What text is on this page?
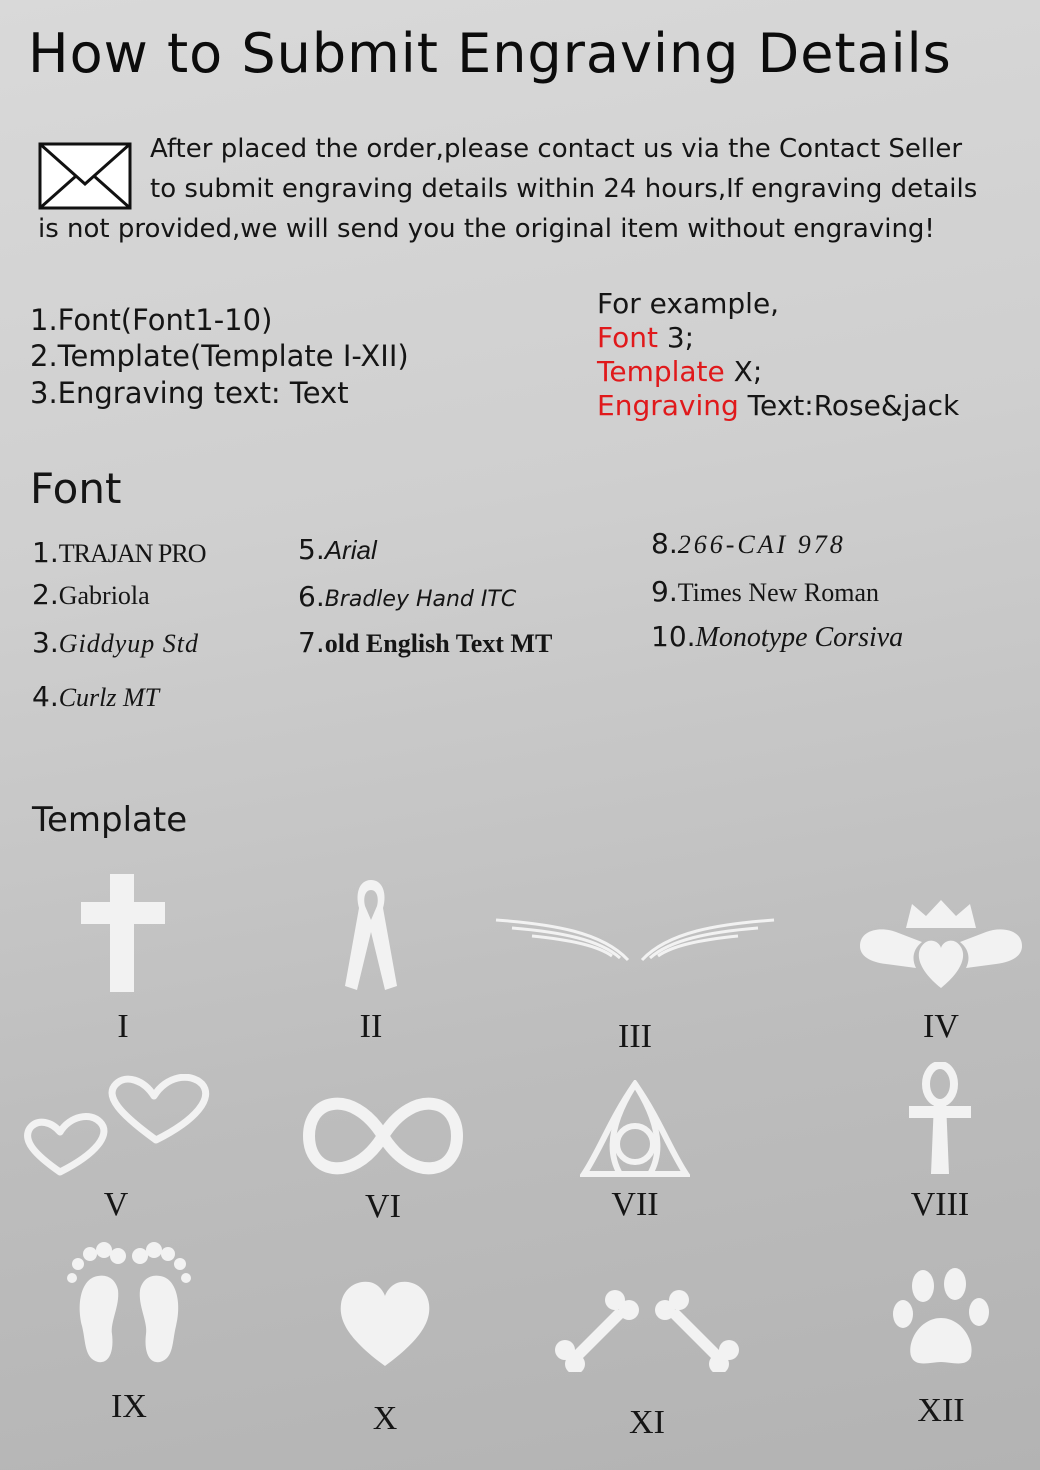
How to Submit Engraving Details
After placed the order,please contact us via the Contact Seller
to submit engraving details within 24 hours,If engraving details
is not provided,we will send you the original item without engraving!
1.Font(Font1-10)
2.Template(Template I-XII)
3.Engraving text: Text
For example,
Font 3;
Template X;
Engraving Text:Rose&jack
Font
1.TRAJAN PRO
2.Gabriola
3.Giddyup Std
4.Curlz MT
5.Arial
6.Bradley Hand ITC
7.old English Text MT
8.266-CAI 978
9.Times New Roman
10.Monotype Corsiva
Template
I	II	III	IV
V	VI	VII	VIII
IX	X	XI	XII
